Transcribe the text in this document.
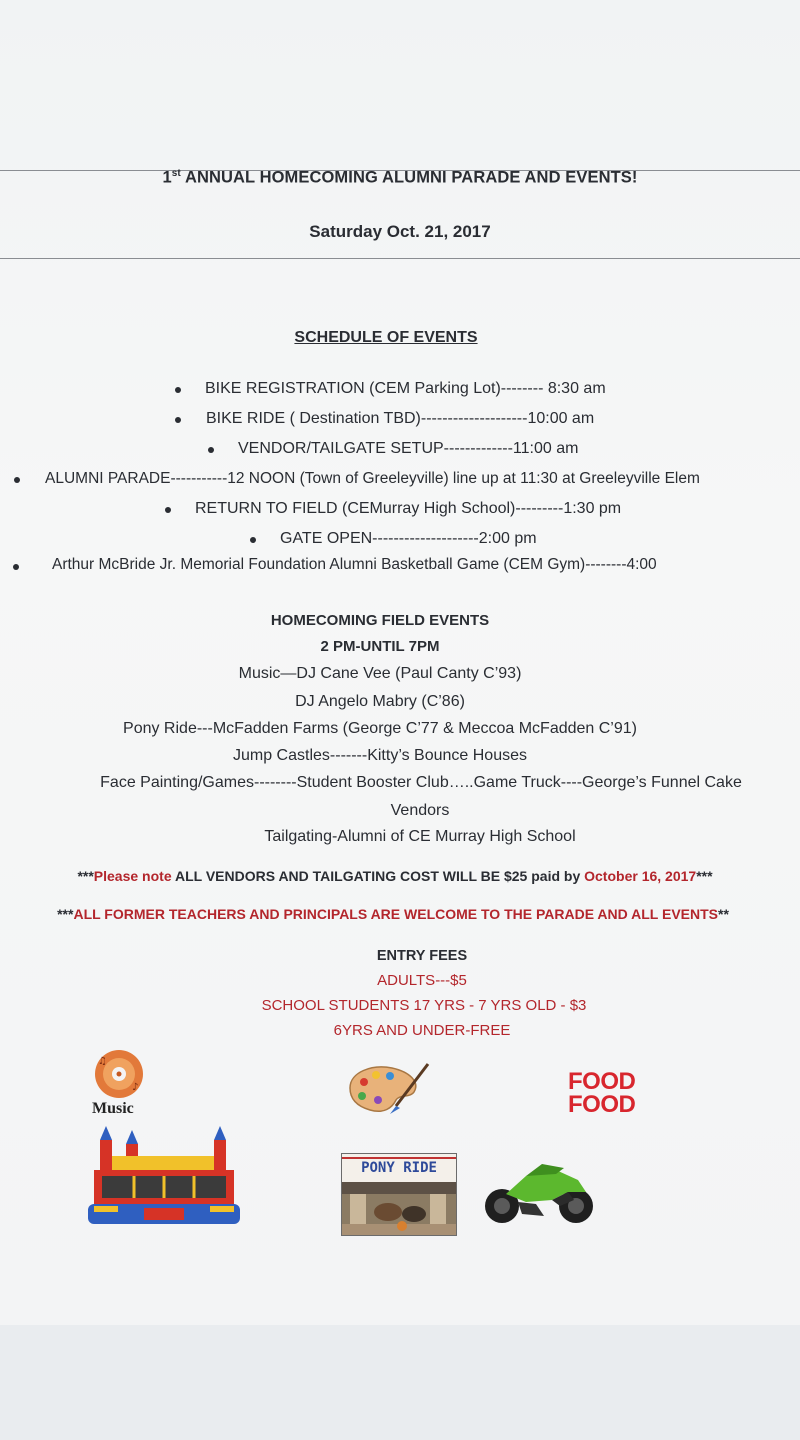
1st ANNUAL HOMECOMING ALUMNI PARADE AND EVENTS!
Saturday Oct. 21, 2017
SCHEDULE OF EVENTS
BIKE REGISTRATION (CEM Parking Lot)-------- 8:30 am
BIKE RIDE ( Destination TBD)--------------------10:00 am
VENDOR/TAILGATE SETUP-------------11:00 am
ALUMNI PARADE-----------12 NOON (Town of Greeleyville) line up at 11:30 at Greeleyville Elem
RETURN TO FIELD (CEMurray High School)---------1:30 pm
GATE OPEN--------------------2:00 pm
Arthur McBride Jr. Memorial Foundation Alumni Basketball Game (CEM Gym)--------4:00
HOMECOMING FIELD EVENTS
2 PM-UNTIL 7PM
Music—DJ Cane Vee (Paul Canty C’93)
DJ Angelo Mabry (C’86)
Pony Ride---McFadden Farms (George C’77 & Meccoa McFadden C’91)
Jump Castles-------Kitty’s Bounce Houses
Face Painting/Games--------Student Booster Club…..Game Truck----George’s Funnel Cake
Vendors
Tailgating-Alumni of CE Murray High School
***Please note ALL VENDORS AND TAILGATING COST WILL BE $25 paid by October 16, 2017***
***ALL FORMER TEACHERS AND PRINCIPALS ARE WELCOME TO THE PARADE AND ALL EVENTS**
ENTRY FEES
ADULTS---$5
SCHOOL STUDENTS 17 YRS - 7 YRS OLD - $3
6YRS AND UNDER-FREE
♫
♪
Music
FOOD
FOOD
PONY RIDE
